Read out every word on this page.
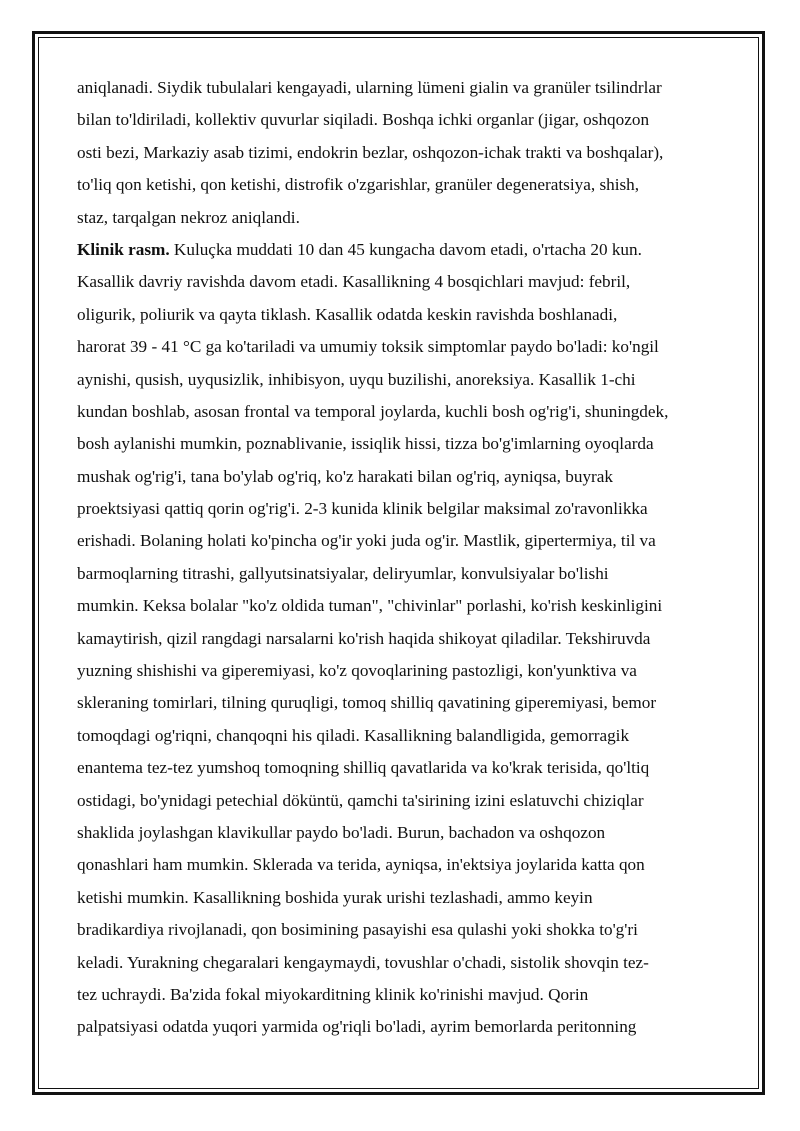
aniqlanadi. Siydik tubulalari kengayadi, ularning lümeni gialin va granüler tsilindrlar
bilan to'ldiriladi, kollektiv quvurlar siqiladi. Boshqa ichki organlar (jigar, oshqozon
osti bezi, Markaziy asab tizimi, endokrin bezlar, oshqozon-ichak trakti va boshqalar),
to'liq qon ketishi, qon ketishi, distrofik o'zgarishlar, granüler degeneratsiya, shish,
staz, tarqalgan nekroz aniqlandi.
Klinik rasm. Kuluçka muddati 10 dan 45 kungacha davom etadi, o'rtacha 20 kun.
Kasallik davriy ravishda davom etadi. Kasallikning 4 bosqichlari mavjud: febril,
oligurik, poliurik va qayta tiklash. Kasallik odatda keskin ravishda boshlanadi,
harorat 39 - 41 °C ga ko'tariladi va umumiy toksik simptomlar paydo bo'ladi: ko'ngil
aynishi, qusish, uyqusizlik, inhibisyon, uyqu buzilishi, anoreksiya. Kasallik 1-chi
kundan boshlab, asosan frontal va temporal joylarda, kuchli bosh og'rig'i, shuningdek,
bosh aylanishi mumkin, poznablivanie, issiqlik hissi, tizza bo'g'imlarning oyoqlarda
mushak og'rig'i, tana bo'ylab og'riq, ko'z harakati bilan og'riq, ayniqsa, buyrak
proektsiyasi qattiq qorin og'rig'i. 2-3 kunida klinik belgilar maksimal zo'ravonlikka
erishadi. Bolaning holati ko'pincha og'ir yoki juda og'ir. Mastlik, gipertermiya, til va
barmoqlarning titrashi, gallyutsinatsiyalar, deliryumlar, konvulsiyalar bo'lishi
mumkin. Keksa bolalar "ko'z oldida tuman", "chivinlar" porlashi, ko'rish keskinligini
kamaytirish, qizil rangdagi narsalarni ko'rish haqida shikoyat qiladilar. Tekshiruvda
yuzning shishishi va giperemiyasi, ko'z qovoqlarining pastozligi, kon'yunktiva va
skleraning tomirlari, tilning quruqligi, tomoq shilliq qavatining giperemiyasi, bemor
tomoqdagi og'riqni, chanqoqni his qiladi. Kasallikning balandligida, gemorragik
enantema tez-tez yumshoq tomoqning shilliq qavatlarida va ko'krak terisida, qo'ltiq
ostidagi, bo'ynidagi petechial döküntü, qamchi ta'sirining izini eslatuvchi chiziqlar
shaklida joylashgan klavikullar paydo bo'ladi. Burun, bachadon va oshqozon
qonashlari ham mumkin. Sklerada va terida, ayniqsa, in'ektsiya joylarida katta qon
ketishi mumkin. Kasallikning boshida yurak urishi tezlashadi, ammo keyin
bradikardiya rivojlanadi, qon bosimining pasayishi esa qulashi yoki shokka to'g'ri
keladi. Yurakning chegaralari kengaymaydi, tovushlar o'chadi, sistolik shovqin tez-
tez uchraydi. Ba'zida fokal miyokarditning klinik ko'rinishi mavjud. Qorin
palpatsiyasi odatda yuqori yarmida og'riqli bo'ladi, ayrim bemorlarda peritonning
